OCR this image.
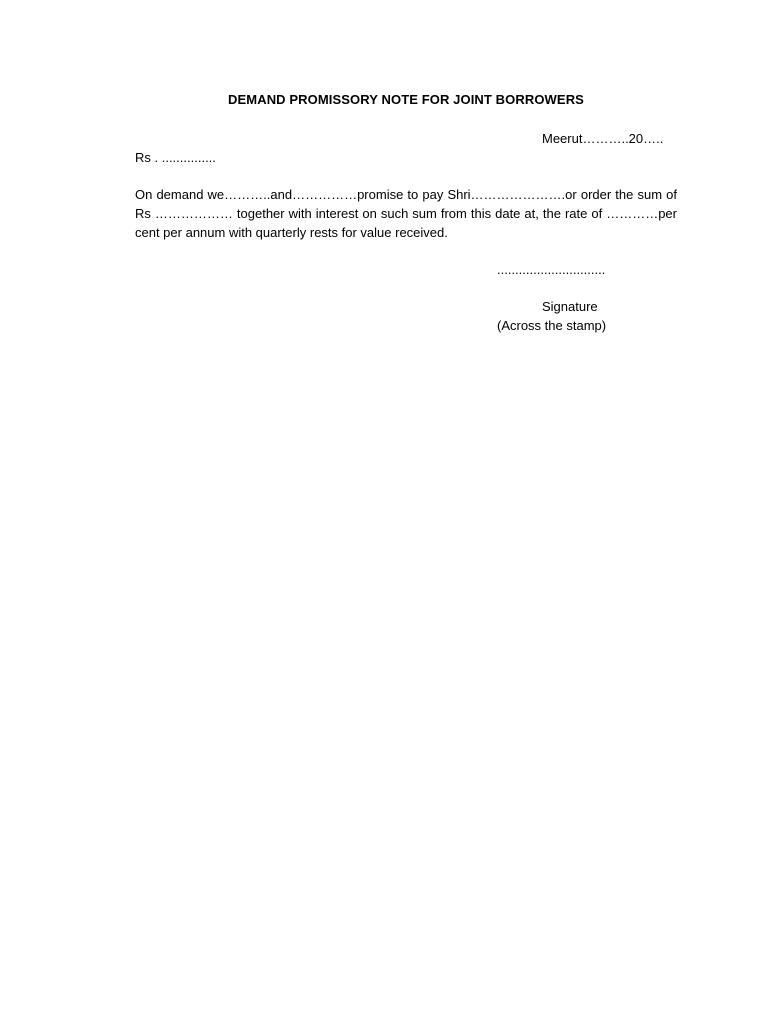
DEMAND PROMISSORY NOTE FOR JOINT BORROWERS
Meerut………..20…..
Rs . ...............
On demand we………..and……………promise to pay Shri………………….or order the sum of Rs ……………… together with interest on such sum from this date at, the rate of …………per cent per annum with quarterly rests for value received.
..............................
Signature
(Across the stamp)
